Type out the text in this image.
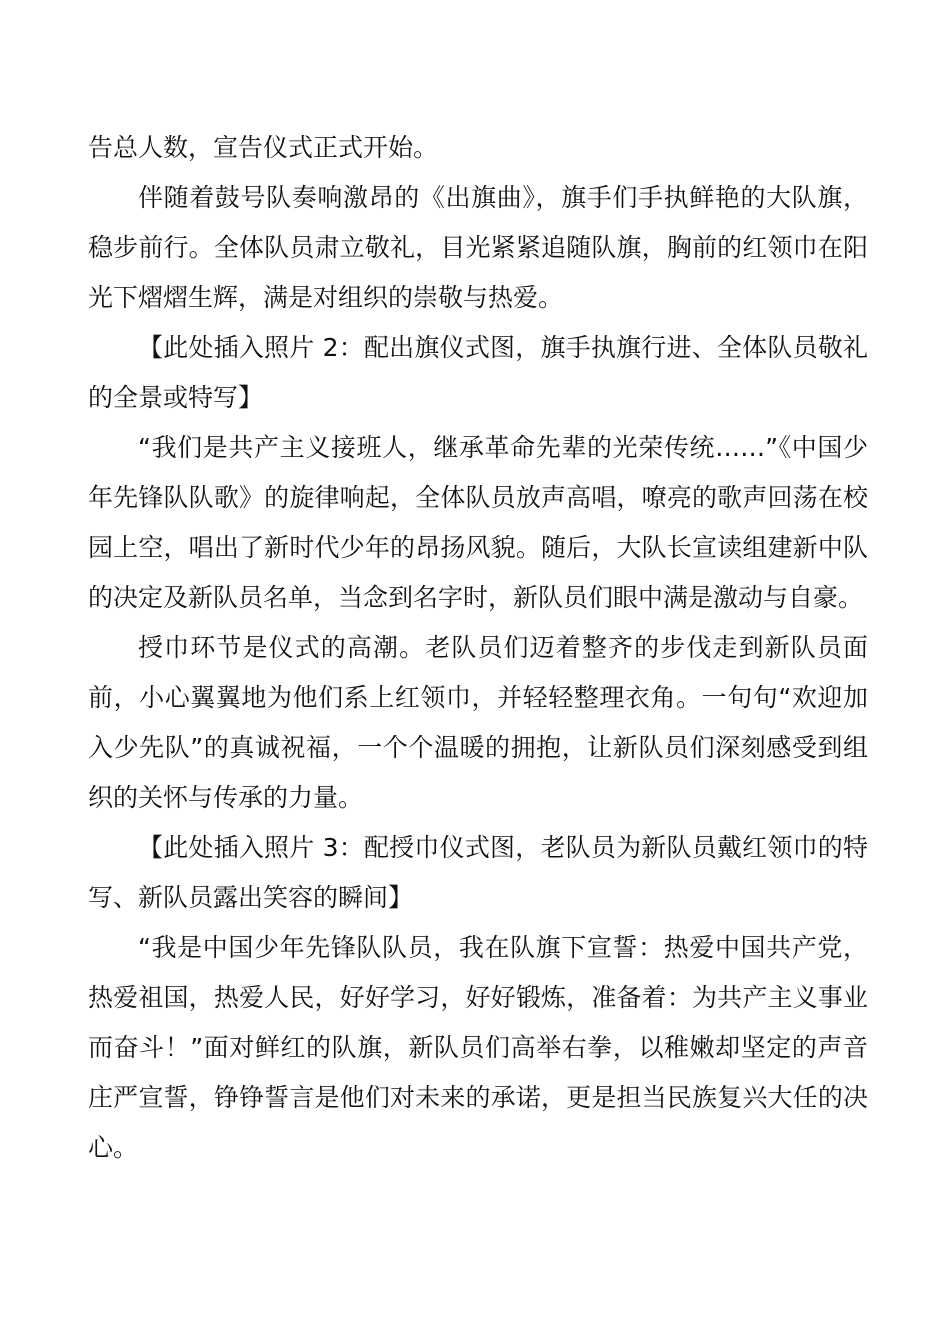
告总人数，宣告仪式正式开始。

伴随着鼓号队奏响激昂的《出旗曲》，旗手们手执鲜艳的大队旗，稳步前行。全体队员肃立敬礼，目光紧紧追随队旗，胸前的红领巾在阳光下熠熠生辉，满是对组织的崇敬与热爱。

【此处插入照片 2：配出旗仪式图，旗手执旗行进、全体队员敬礼的全景或特写】

“我们是共产主义接班人，继承革命先辈的光荣传统……”《中国少年先锋队队歌》的旋律响起，全体队员放声高唱，嘹亮的歌声回荡在校园上空，唱出了新时代少年的昂扬风貌。随后，大队长宣读组建新中队的决定及新队员名单，当念到名字时，新队员们眼中满是激动与自豪。

授巾环节是仪式的高潮。老队员们迈着整齐的步伐走到新队员面前，小心翼翼地为他们系上红领巾，并轻轻整理衣角。一句句“欢迎加入少先队”的真诚祝福，一个个温暖的拥抱，让新队员们深刻感受到组织的关怀与传承的力量。

【此处插入照片 3：配授巾仪式图，老队员为新队员戴红领巾的特写、新队员露出笑容的瞬间】

“我是中国少年先锋队队员，我在队旗下宣誓：热爱中国共产党，热爱祖国，热爱人民，好好学习，好好锻炼，准备着：为共产主义事业而奋斗！”面对鲜红的队旗，新队员们高举右拳，以稚嫩却坚定的声音庄严宣誓，铮铮誓言是他们对未来的承诺，更是担当民族复兴大任的决心。
